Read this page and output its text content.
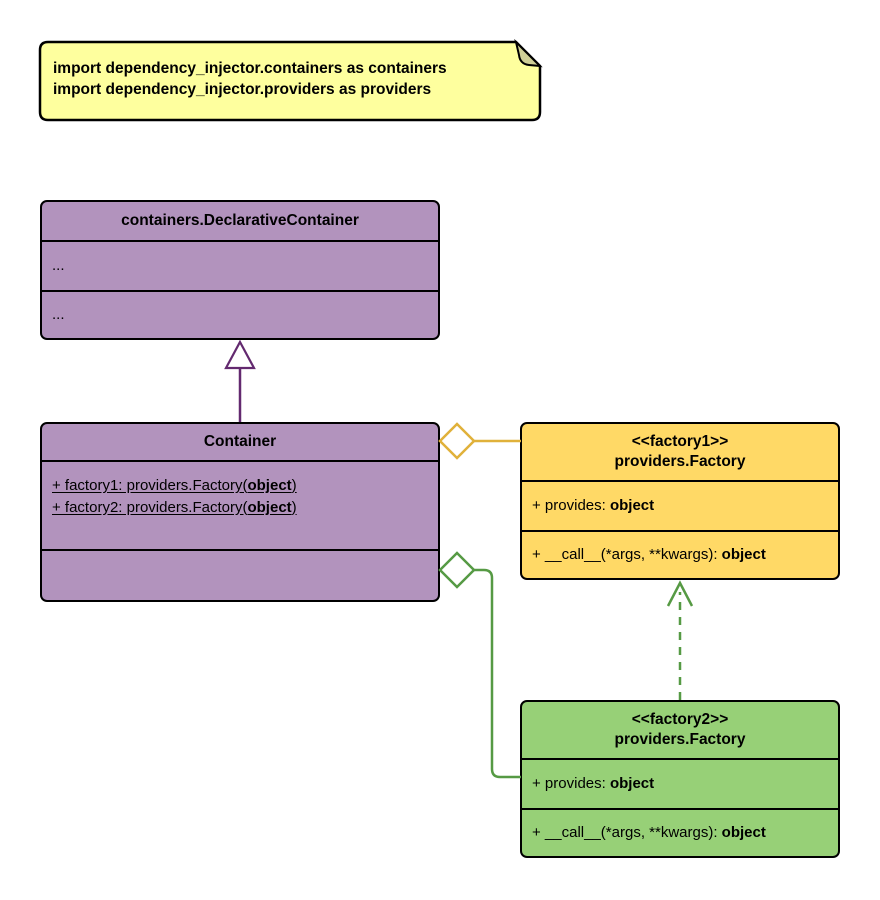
import dependency_injector.containers as containers
import dependency_injector.providers as providers
containers.DeclarativeContainer
...
...
Container
+ factory1: providers.Factory(object)
+ factory2: providers.Factory(object)
<<factory1>>
providers.Factory
+ provides: object
+ __call__(*args, **kwargs): object
<<factory2>>
providers.Factory
+ provides: object
+ __call__(*args, **kwargs): object
